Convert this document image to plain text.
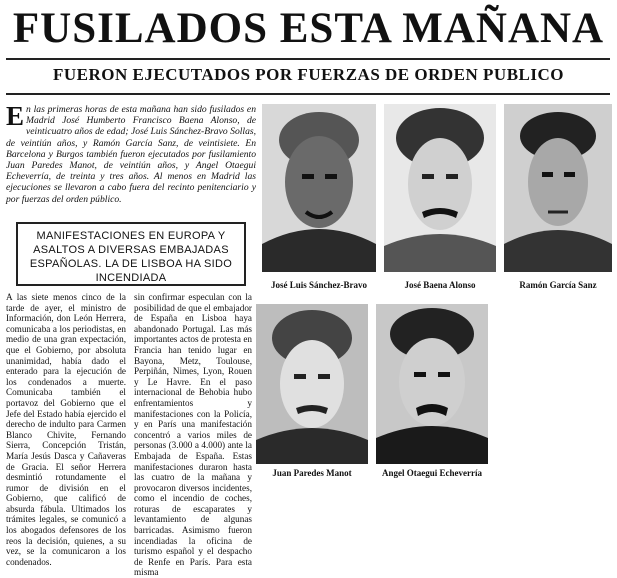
FUSILADOS ESTA MAÑANA
FUERON EJECUTADOS POR FUERZAS DE ORDEN PUBLICO
En las primeras horas de esta mañana han sido fusilados en Madrid José Humberto Francisco Baena Alonso, de veinticuatro años de edad; José Luis Sánchez-Bravo Sollas, de veintiún años, y Ramón García Sanz, de veintisiete. En Barcelona y Burgos también fueron ejecutados por fusilamiento Juan Paredes Manot, de veintiún años, y Angel Otaegui Echeverría, de treinta y tres años. Al menos en Madrid las ejecuciones se llevaron a cabo fuera del recinto penitenciario y por fuerzas del orden público.
MANIFESTACIONES EN EUROPA Y ASALTOS A DIVERSAS EMBAJADAS ESPAÑOLAS. LA DE LISBOA HA SIDO INCENDIADA
A las siete menos cinco de la tarde de ayer, el ministro de Información, don León Herrera, comunicaba a los periodistas, en medio de una gran expectación, que el Gobierno, por absoluta unanimidad, había dado el enterado para la ejecución de los condenados a muerte. Comunicaba también el portavoz del Gobierno que el Jefe del Estado había ejercido el derecho de indulto para Carmen Blanco Chivite, Fernando Sierra, Concepción Tristán, María Jesús Dasca y Cañaveras de Gracia. El señor Herrera desmintió rotundamente el rumor de división en el Gobierno, que calificó de absurda fábula. Ultimados los trámites legales, se comunicó a los abogados defensores de los reos la decisión, quienes, a su vez, se la comunicaron a los condenados.
sin confirmar especulan con la posibilidad de que el embajador de España en Lisboa haya abandonado Portugal. Las más importantes actos de protesta en Francia han tenido lugar en Bayona, Metz, Toulouse, Perpiñán, Nimes, Lyon, Rouen y Le Havre. En el paso internacional de Behobia hubo enfrentamientos y manifestaciones con la Policía, y en París una manifestación concentró a varios miles de personas (3.000 a 4.000) ante la Embajada de España. Estas manifestaciones duraron hasta las cuatro de la mañana y provocaron diversos incidentes, como el incendio de coches, roturas de escaparates y levantamiento de algunas barricadas. Asimismo fueron incendiadas la oficina de turismo español y el despacho de Renfe en París. Para esta misma
José Luis Sánchez-Bravo	José Baena Alonso	Ramón García Sanz
Juan Paredes Manot	Angel Otaegui Echeverría
